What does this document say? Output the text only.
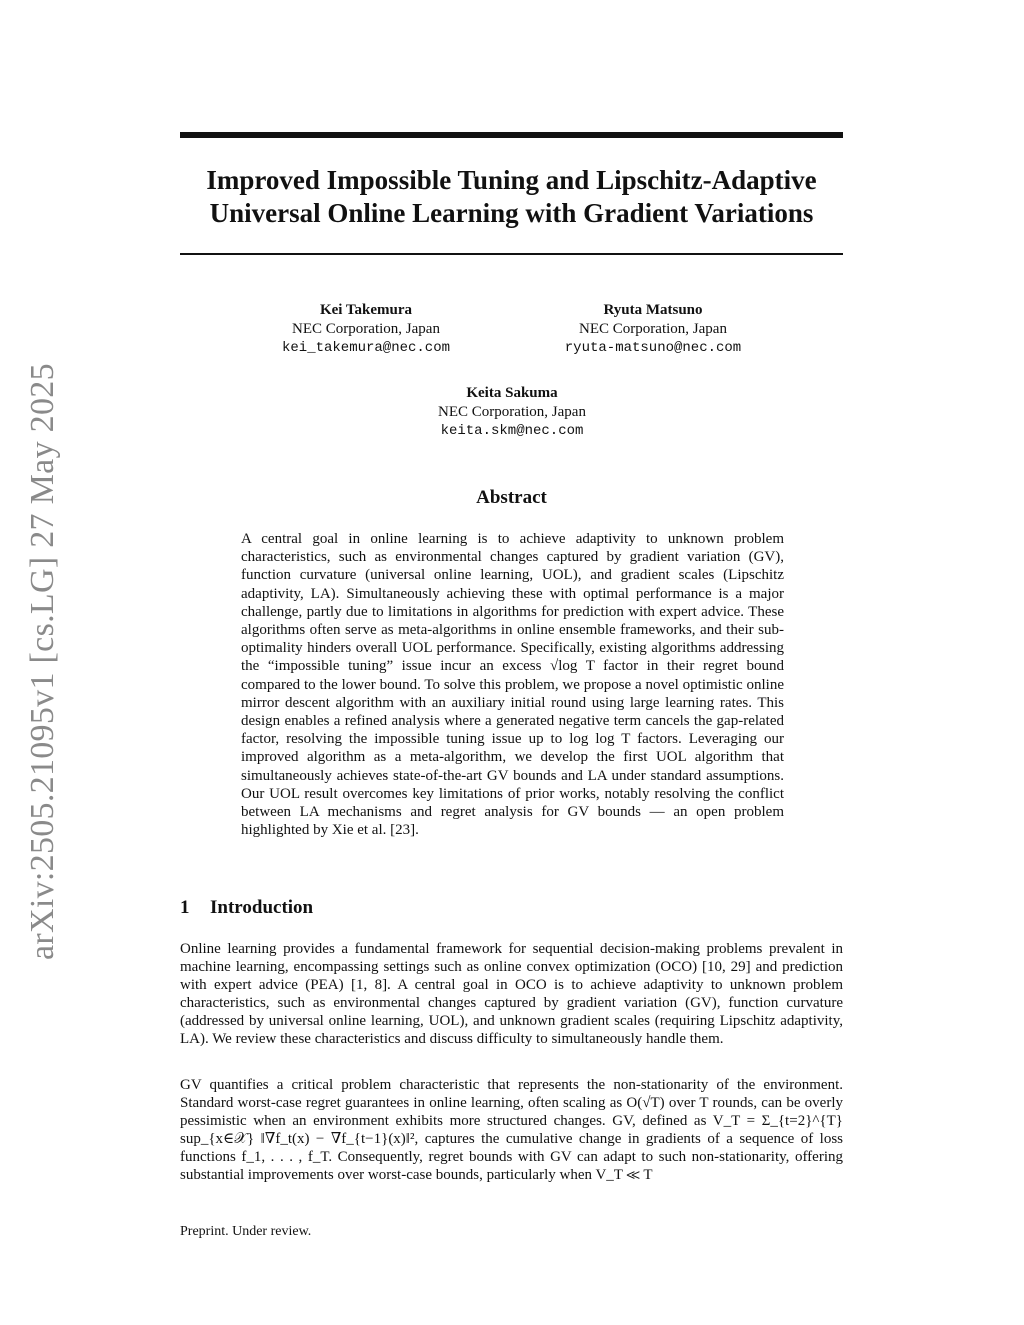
arXiv:2505.21095v1 [cs.LG] 27 May 2025
Improved Impossible Tuning and Lipschitz-Adaptive Universal Online Learning with Gradient Variations
Kei Takemura
NEC Corporation, Japan
kei_takemura@nec.com
Ryuta Matsuno
NEC Corporation, Japan
ryuta-matsuno@nec.com
Keita Sakuma
NEC Corporation, Japan
keita.skm@nec.com
Abstract
A central goal in online learning is to achieve adaptivity to unknown problem characteristics, such as environmental changes captured by gradient variation (GV), function curvature (universal online learning, UOL), and gradient scales (Lipschitz adaptivity, LA). Simultaneously achieving these with optimal performance is a major challenge, partly due to limitations in algorithms for prediction with expert advice. These algorithms often serve as meta-algorithms in online ensemble frameworks, and their sub-optimality hinders overall UOL performance. Specifically, existing algorithms addressing the “impossible tuning” issue incur an excess √log T factor in their regret bound compared to the lower bound. To solve this problem, we propose a novel optimistic online mirror descent algorithm with an auxiliary initial round using large learning rates. This design enables a refined analysis where a generated negative term cancels the gap-related factor, resolving the impossible tuning issue up to log log T factors. Leveraging our improved algorithm as a meta-algorithm, we develop the first UOL algorithm that simultaneously achieves state-of-the-art GV bounds and LA under standard assumptions. Our UOL result overcomes key limitations of prior works, notably resolving the conflict between LA mechanisms and regret analysis for GV bounds — an open problem highlighted by Xie et al. [23].
1 Introduction
Online learning provides a fundamental framework for sequential decision-making problems prevalent in machine learning, encompassing settings such as online convex optimization (OCO) [10, 29] and prediction with expert advice (PEA) [1, 8]. A central goal in OCO is to achieve adaptivity to unknown problem characteristics, such as environmental changes captured by gradient variation (GV), function curvature (addressed by universal online learning, UOL), and unknown gradient scales (requiring Lipschitz adaptivity, LA). We review these characteristics and discuss difficulty to simultaneously handle them.
GV quantifies a critical problem characteristic that represents the non-stationarity of the environment. Standard worst-case regret guarantees in online learning, often scaling as O(√T) over T rounds, can be overly pessimistic when an environment exhibits more structured changes. GV, defined as V_T = Σ_{t=2}^{T} sup_{x∈𝒳} ‖∇f_t(x) − ∇f_{t−1}(x)‖², captures the cumulative change in gradients of a sequence of loss functions f_1, . . . , f_T. Consequently, regret bounds with GV can adapt to such non-stationarity, offering substantial improvements over worst-case bounds, particularly when V_T ≪ T
Preprint. Under review.
